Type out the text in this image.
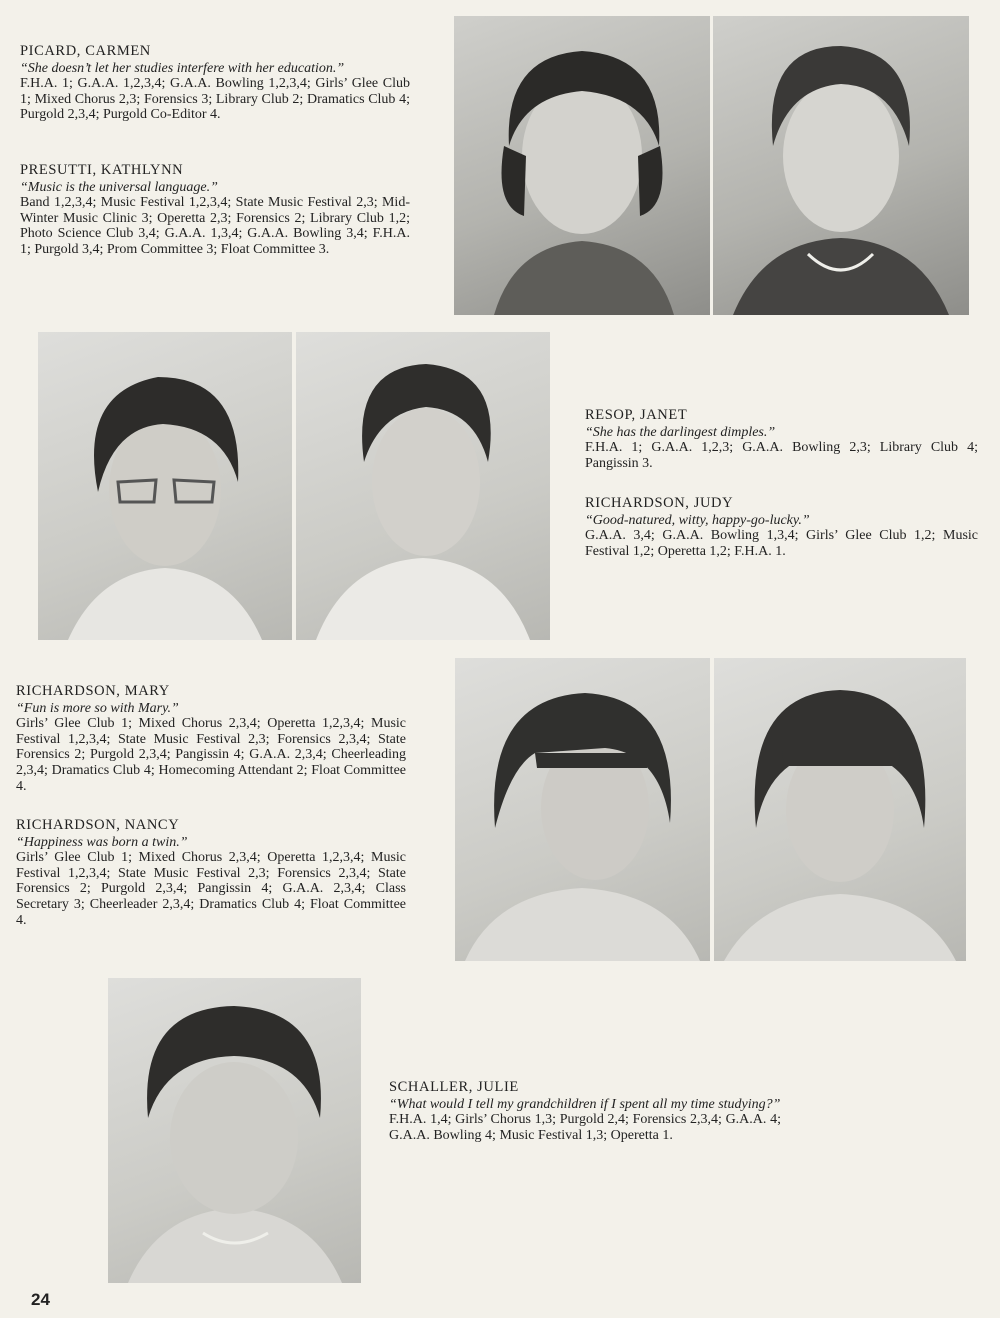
PICARD, CARMEN
“She doesn’t let her studies interfere with her education.”
F.H.A. 1; G.A.A. 1,2,3,4; G.A.A. Bowling 1,2,3,4; Girls’ Glee Club 1; Mixed Chorus 2,3; Forensics 3; Library Club 2; Dramatics Club 4; Purgold 2,3,4; Purgold Co-Editor 4.
PRESUTTI, KATHLYNN
“Music is the universal language.”
Band 1,2,3,4; Music Festival 1,2,3,4; State Music Festival 2,3; Mid-Winter Music Clinic 3; Operetta 2,3; Forensics 2; Library Club 1,2; Photo Science Club 3,4; G.A.A. 1,3,4; G.A.A. Bowling 3,4; F.H.A. 1; Purgold 3,4; Prom Committee 3; Float Committee 3.
RESOP, JANET
“She has the darlingest dimples.”
F.H.A. 1; G.A.A. 1,2,3; G.A.A. Bowling 2,3; Library Club 4; Pangissin 3.
RICHARDSON, JUDY
“Good-natured, witty, happy-go-lucky.”
G.A.A. 3,4; G.A.A. Bowling 1,3,4; Girls’ Glee Club 1,2; Music Festival 1,2; Operetta 1,2; F.H.A. 1.
RICHARDSON, MARY
“Fun is more so with Mary.”
Girls’ Glee Club 1; Mixed Chorus 2,3,4; Operetta 1,2,3,4; Music Festival 1,2,3,4; State Music Festival 2,3; Forensics 2,3,4; State Forensics 2; Purgold 2,3,4; Pangissin 4; G.A.A. 2,3,4; Cheerleading 2,3,4; Dramatics Club 4; Homecoming Attendant 2; Float Committee 4.
RICHARDSON, NANCY
“Happiness was born a twin.”
Girls’ Glee Club 1; Mixed Chorus 2,3,4; Operetta 1,2,3,4; Music Festival 1,2,3,4; State Music Festival 2,3; Forensics 2,3,4; State Forensics 2; Purgold 2,3,4; Pangissin 4; G.A.A. 2,3,4; Class Secretary 3; Cheerleader 2,3,4; Dramatics Club 4; Float Committee 4.
SCHALLER, JULIE
“What would I tell my grandchildren if I spent all my time studying?”
F.H.A. 1,4; Girls’ Chorus 1,3; Purgold 2,4; Forensics 2,3,4; G.A.A. 4; G.A.A. Bowling 4; Music Festival 1,3; Operetta 1.
24
